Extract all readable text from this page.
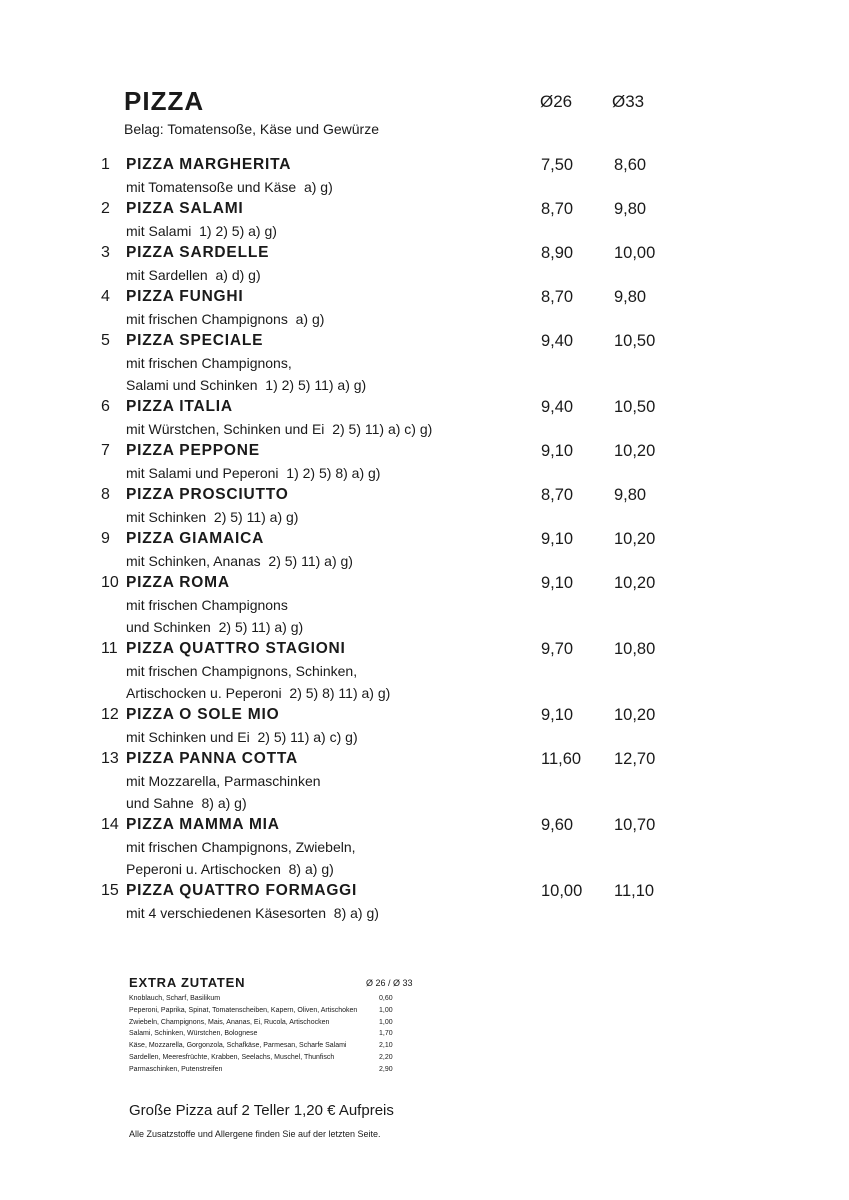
PIZZA	Ø26 Ø33
Belag: Tomatensoße, Käse und Gewürze
1 PIZZA MARGHERITA	7,50 8,60
mit Tomatensoße und Käse  a) g)
2 PIZZA SALAMI	8,70 9,80
mit Salami  1) 2) 5) a) g)
3 PIZZA SARDELLE	8,90 10,00
mit Sardellen  a) d) g)
4 PIZZA FUNGHI	8,70 9,80
mit frischen Champignons  a) g)
5 PIZZA SPECIALE	9,40 10,50
mit frischen Champignons,
Salami und Schinken  1) 2) 5) 11) a) g)
6 PIZZA ITALIA	9,40 10,50
mit Würstchen, Schinken und Ei  2) 5) 11) a) c) g)
7 PIZZA PEPPONE	9,10 10,20
mit Salami und Peperoni  1) 2) 5) 8) a) g)
8 PIZZA PROSCIUTTO	8,70 9,80
mit Schinken  2) 5) 11) a) g)
9 PIZZA GIAMAICA	9,10 10,20
mit Schinken, Ananas  2) 5) 11) a) g)
10 PIZZA ROMA	9,10 10,20
mit frischen Champignons
und Schinken  2) 5) 11) a) g)
11 PIZZA QUATTRO STAGIONI	9,70 10,80
mit frischen Champignons, Schinken,
Artischocken u. Peperoni  2) 5) 8) 11) a) g)
12 PIZZA O SOLE MIO	9,10 10,20
mit Schinken und Ei  2) 5) 11) a) c) g)
13 PIZZA PANNA COTTA	11,60 12,70
mit Mozzarella, Parmaschinken
und Sahne  8) a) g)
14 PIZZA MAMMA MIA	9,60 10,70
mit frischen Champignons, Zwiebeln,
Peperoni u. Artischocken  8) a) g)
15 PIZZA QUATTRO FORMAGGI	10,00 11,10
mit 4 verschiedenen Käsesorten  8) a) g)
EXTRA ZUTATEN	Ø 26 / Ø 33
Knoblauch, Scharf, Basilikum	0,60
Peperoni, Paprika, Spinat, Tomatenscheiben, Kapern, Oliven, Artischoken	1,00
Zwiebeln, Champignons, Mais, Ananas, Ei, Rucola, Artischocken	1,00
Salami, Schinken, Würstchen, Bolognese	1,70
Käse, Mozzarella, Gorgonzola, Schafkäse, Parmesan, Scharfe Salami	2,10
Sardellen, Meeresfrüchte, Krabben, Seelachs, Muschel, Thunfisch	2,20
Parmaschinken, Putenstreifen	2,90
Große Pizza auf 2 Teller 1,20 € Aufpreis
Alle Zusatzstoffe und Allergene finden Sie auf der letzten Seite.
